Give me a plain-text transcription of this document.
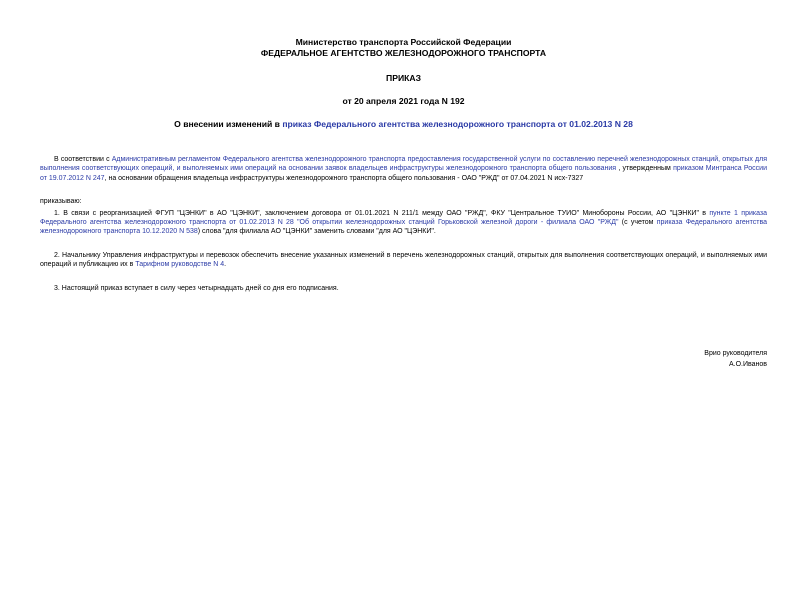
Министерство транспорта Российской Федерации
ФЕДЕРАЛЬНОЕ АГЕНТСТВО ЖЕЛЕЗНОДОРОЖНОГО ТРАНСПОРТА
ПРИКАЗ
от 20 апреля 2021 года N 192
О внесении изменений в приказ Федерального агентства железнодорожного транспорта от 01.02.2013 N 28

В соответствии с Административным регламентом Федерального агентства железнодорожного транспорта предоставления государственной услуги по составлению перечней железнодорожных станций, открытых для выполнения соответствующих операций, и выполняемых ими операций на основании заявок владельцев инфраструктуры железнодорожного транспорта общего пользования , утвержденным приказом Минтранса России от 19.07.2012 N 247, на основании обращения владельца инфраструктуры железнодорожного транспорта общего пользования - ОАО "РЖД" от 07.04.2021 N исх-7327

приказываю:

1. В связи с реорганизацией ФГУП "ЦЭНКИ" в АО "ЦЭНКИ", заключением договора от 01.01.2021 N 211/1 между ОАО "РЖД", ФКУ "Центральное ТУИО" Минобороны России, АО "ЦЭНКИ" в пункте 1 приказа Федерального агентства железнодорожного транспорта от 01.02.2013 N 28 "Об открытии железнодорожных станций Горьковской железной дороги - филиала ОАО "РЖД" (с учетом приказа Федерального агентства железнодорожного транспорта 10.12.2020 N 538) слова "для филиала АО "ЦЭНКИ" заменить словами "для АО "ЦЭНКИ".

2. Начальнику Управления инфраструктуры и перевозок обеспечить внесение указанных изменений в перечень железнодорожных станций, открытых для выполнения соответствующих операций, и выполняемых ими операций и публикацию их в Тарифном руководстве N 4.

3. Настоящий приказ вступает в силу через четырнадцать дней со дня его подписания.

Врио руководителя
А.О.Иванов
